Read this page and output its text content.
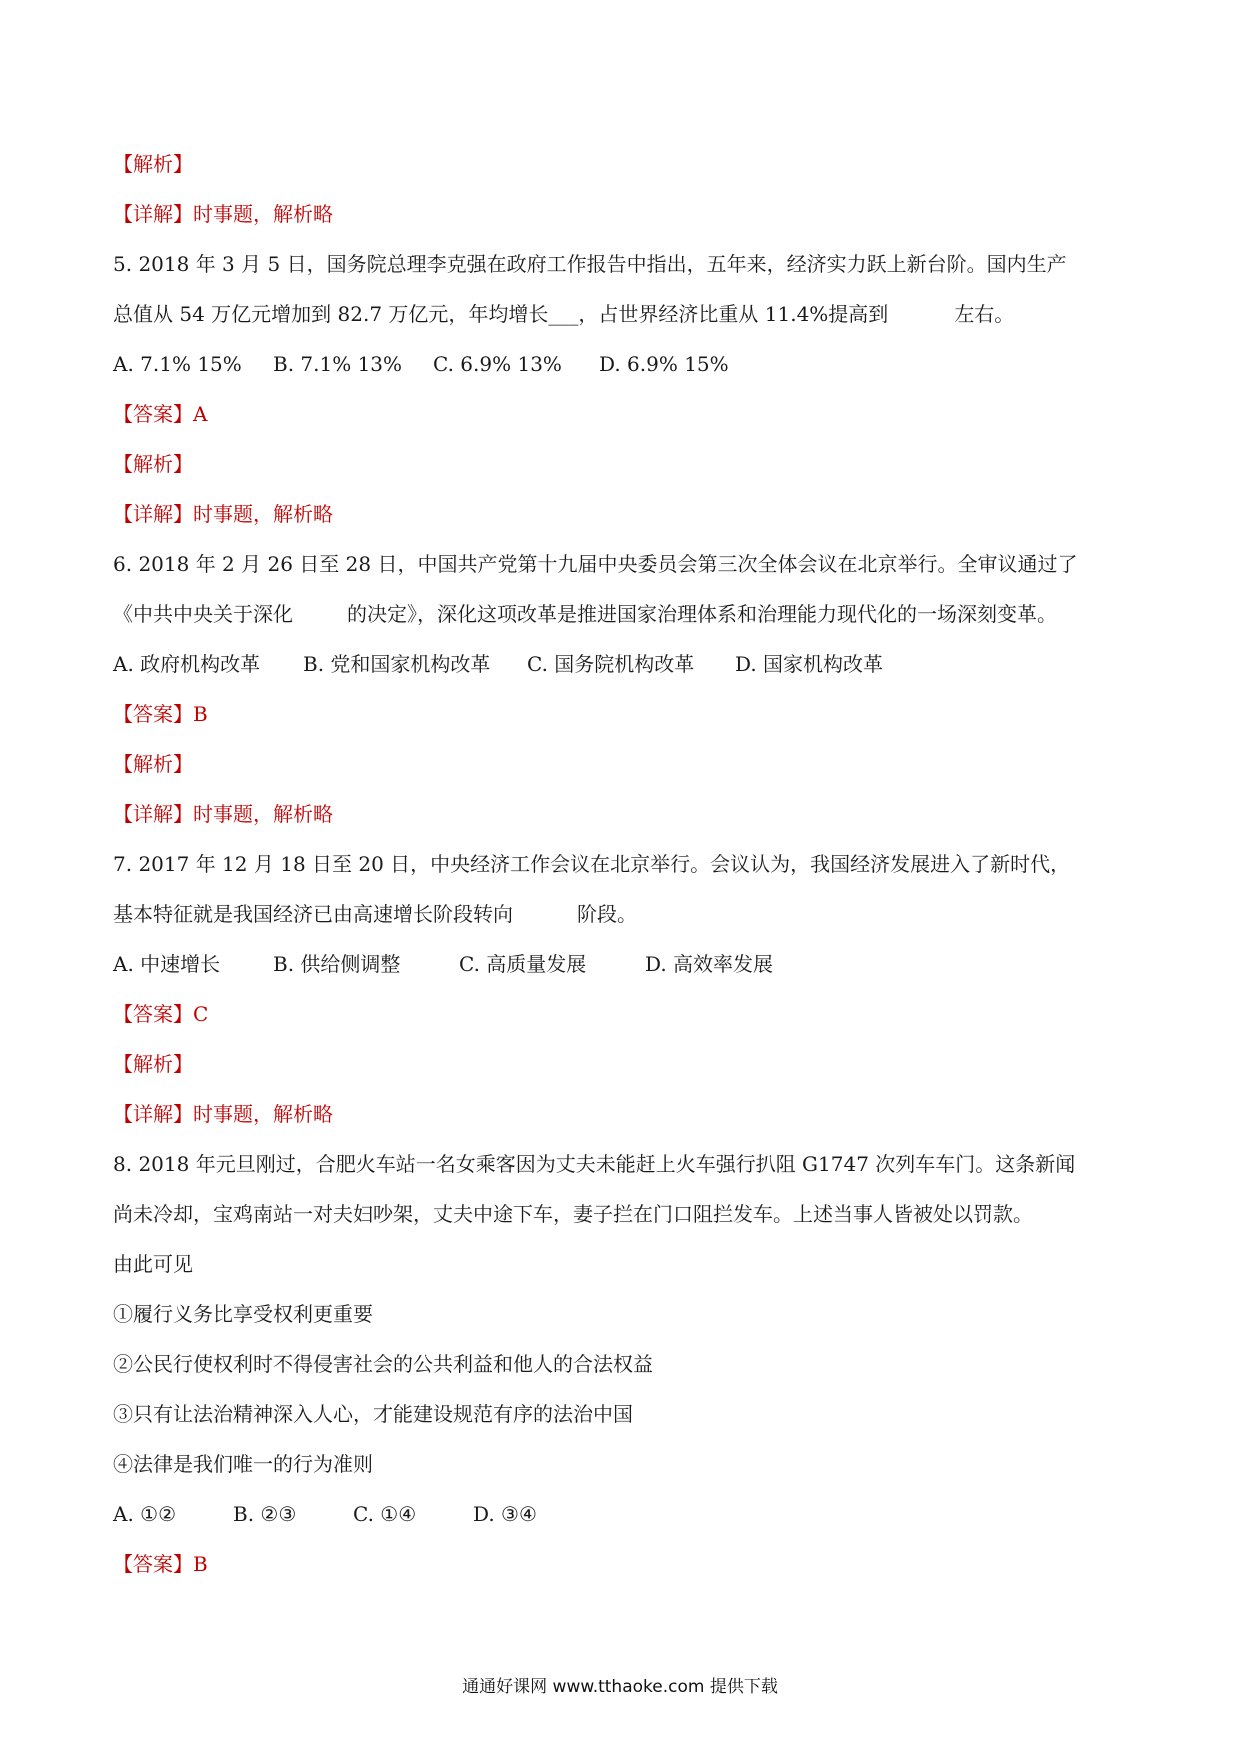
【解析】
【详解】时事题，解析略
5. 2018 年 3 月 5 日，国务院总理李克强在政府工作报告中指出，五年来，经济实力跃上新台阶。国内生产
总值从 54 万亿元增加到 82.7 万亿元，年均增长___，占世界经济比重从 11.4%提高到	左右。
A. 7.1% 15% B. 7.1% 13% C. 6.9% 13% D. 6.9% 15%
【答案】A
【解析】
【详解】时事题，解析略
6. 2018 年 2 月 26 日至 28 日，中国共产党第十九届中央委员会第三次全体会议在北京举行。全审议通过了
《中共中央关于深化	的决定》，深化这项改革是推进国家治理体系和治理能力现代化的一场深刻变革。
A. 政府机构改革 B. 党和国家机构改革 C. 国务院机构改革 D. 国家机构改革
【答案】B
【解析】
【详解】时事题，解析略
7. 2017 年 12 月 18 日至 20 日，中央经济工作会议在北京举行。会议认为，我国经济发展进入了新时代，
基本特征就是我国经济已由高速增长阶段转向	阶段。
A. 中速增长	B. 供给侧调整	C. 高质量发展	D. 高效率发展
【答案】C
【解析】
【详解】时事题，解析略
8. 2018 年元旦刚过，合肥火车站一名女乘客因为丈夫未能赶上火车强行扒阻 G1747 次列车车门。这条新闻
尚未冷却，宝鸡南站一对夫妇吵架，丈夫中途下车，妻子拦在门口阻拦发车。上述当事人皆被处以罚款。
由此可见
①履行义务比享受权利更重要
②公民行使权利时不得侵害社会的公共利益和他人的合法权益
③只有让法治精神深入人心，才能建设规范有序的法治中国
④法律是我们唯一的行为准则
A. ①②	B. ②③	C. ①④	D. ③④
【答案】B
通通好课网 www.tthaoke.com 提供下载
